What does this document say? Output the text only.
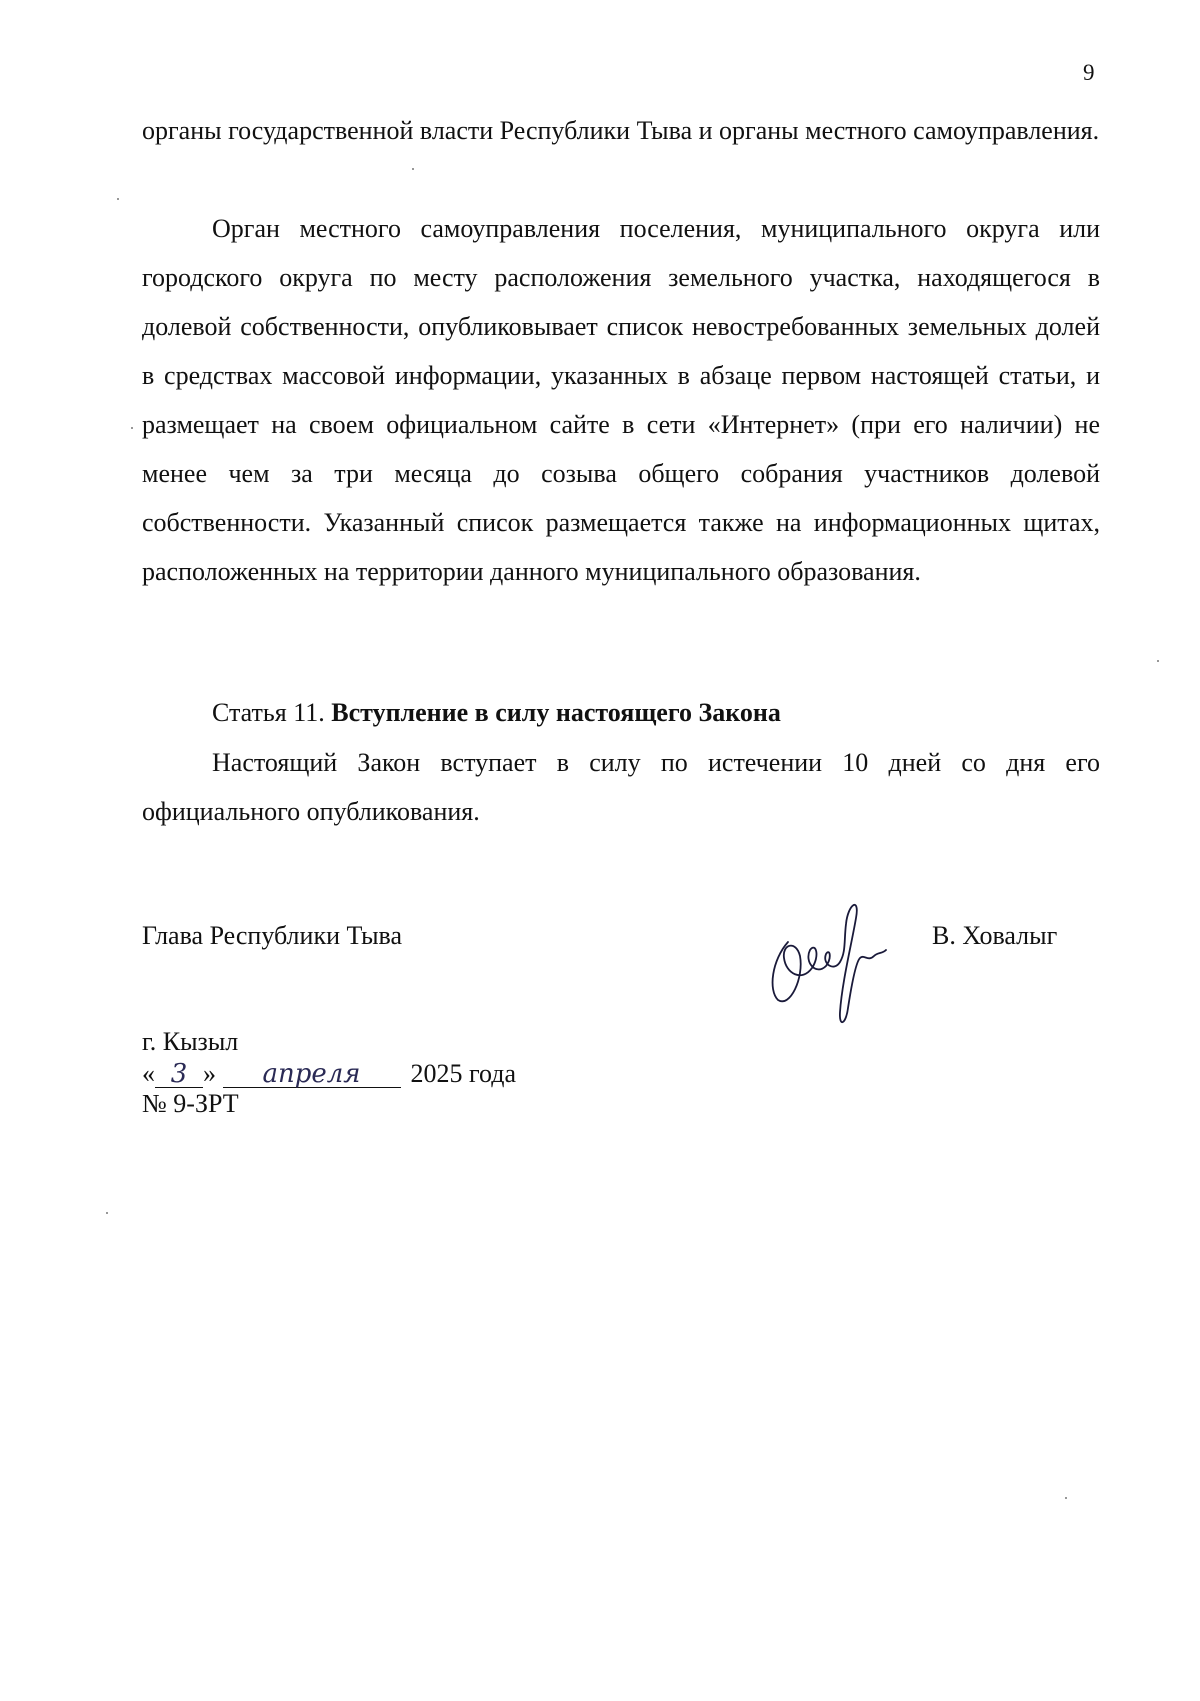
9

органы государственной власти Республики Тыва и органы местного самоуправления.

Орган местного самоуправления поселения, муниципального округа или городского округа по месту расположения земельного участка, находящегося в долевой собственности, опубликовывает список невостребованных земельных долей в средствах массовой информации, указанных в абзаце первом настоящей статьи, и размещает на своем официальном сайте в сети «Интернет» (при его наличии) не менее чем за три месяца до созыва общего собрания участников долевой собственности. Указанный список размещается также на информационных щитах, расположенных на территории данного муниципального образования.

Статья 11. Вступление в силу настоящего Закона

Настоящий Закон вступает в силу по истечении 10 дней со дня его официального опубликования.

Глава Республики Тыва	В. Ховалыг
г. Кызыл
« 3 » апреля 2025 года
№ 9-ЗРТ
